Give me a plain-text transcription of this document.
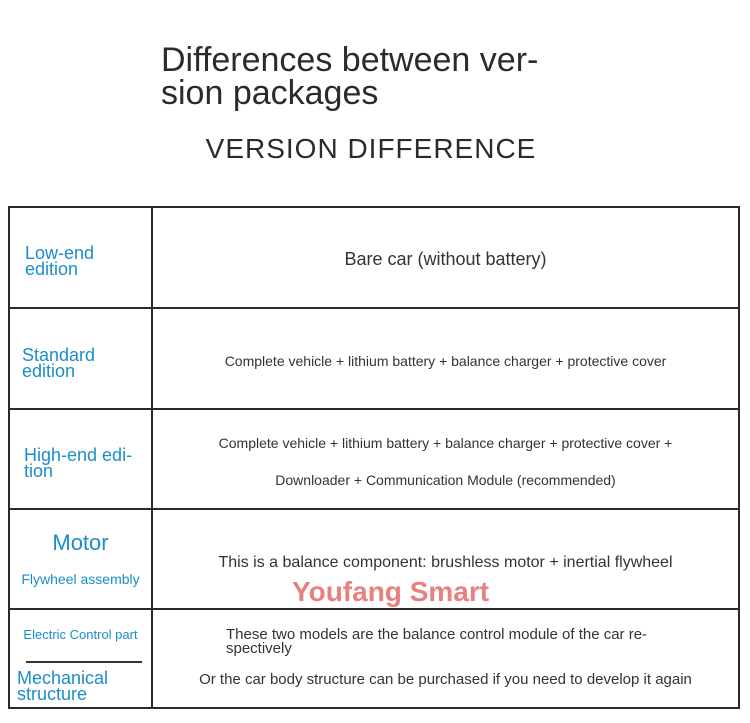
Differences between ver-
sion packages
VERSION DIFFERENCE
Low-end
edition	Bare car (without battery)
Standard
edition	Complete vehicle + lithium battery + balance charger + protective cover
High-end edi-
tion
Complete vehicle + lithium battery + balance charger + protective cover +
Downloader + Communication Module (recommended)
Motor
Flywheel assembly
This is a balance component: brushless motor + inertial flywheel
Electric Control part
Mechanical
structure
These two models are the balance control module of the car re-
spectively
Or the car body structure can be purchased if you need to develop it again
Youfang Smart
